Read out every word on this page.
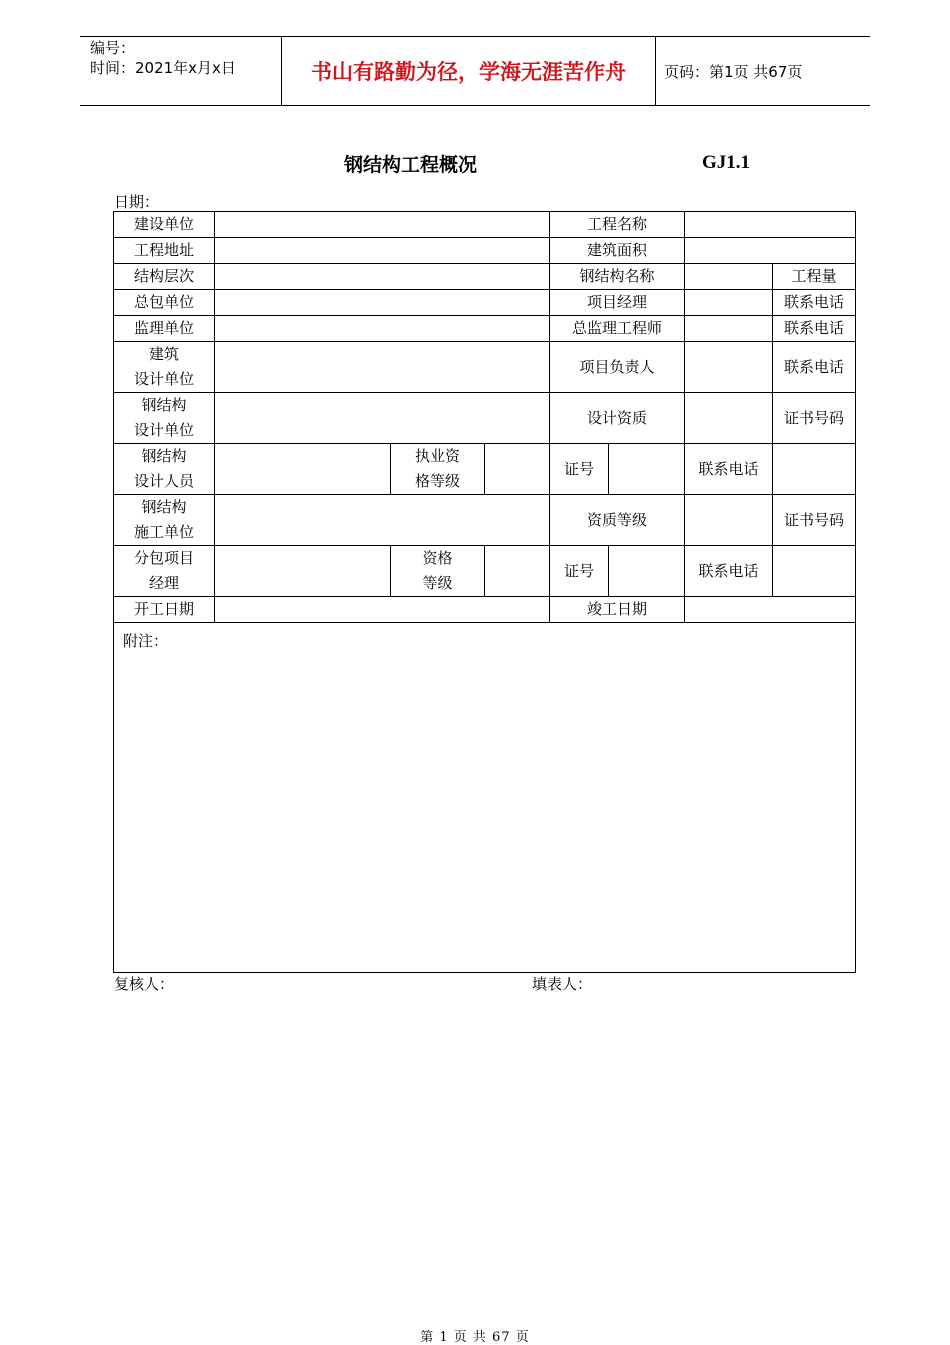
编号：
时间：2021年x月x日	书山有路勤为径，学海无涯苦作舟	页码：第1页 共67页
钢结构工程概况	GJ1.1
日期：
建设单位				工程名称			
工程地址				建筑面积			
结构层次				钢结构名称			工程量
总包单位				项目经理			联系电话
监理单位				总监理工程师			联系电话
建筑
设计单位				项目负责人			联系电话
钢结构
设计单位				设计资质			证书号码
钢结构
设计人员		执业资
格等级		证号		联系电话	
钢结构
施工单位				资质等级			证书号码
分包项目
经理		资格
等级		证号		联系电话	
开工日期				竣工日期			
附注：							
复核人：	填表人：
第 1 页 共 67 页
